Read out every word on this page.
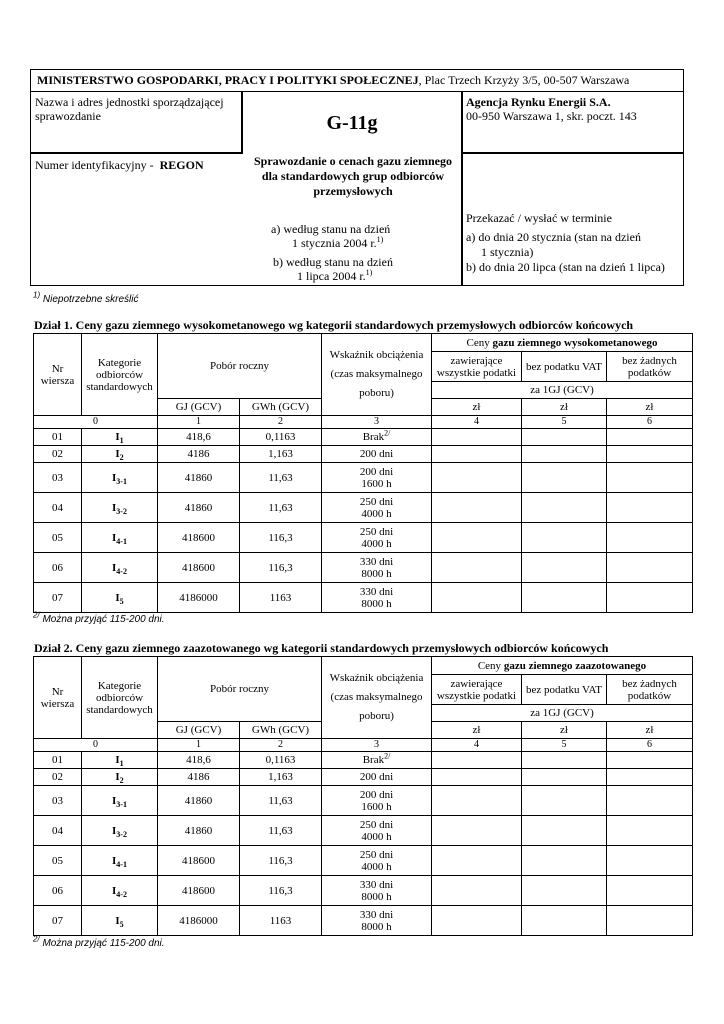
MINISTERSTWO GOSPODARKI, PRACY I POLITYKI SPOŁECZNEJ, Plac Trzech Krzyży 3/5, 00-507 Warszawa
Nazwa i adres jednostki sporządzającej sprawozdanie	G-11g
Agencja Rynku Energii S.A.
00-950 Warszawa 1, skr. poczt. 143
Numer identyfikacyjny - REGON	Sprawozdanie o cenach gazu ziemnego dla standardowych grup odbiorców przemysłowych
a) według stanu na dzień
1 stycznia 2004 r.$^{1)}$
b) według stanu na dzień
1 lipca 2004 r.$^{1)}$
Przekazać / wysłać w terminie

a) do dnia 20 stycznia (stan na dzień
1 stycznia)
b) do dnia 20 lipca (stan na dzień 1 lipca)
$^{1)}$ Niepotrzebne skreślić
Dział 1. Ceny gazu ziemnego wysokometanowego wg kategorii standardowych przemysłowych odbiorców końcowych
Nr wiersza	Kategorie odbiorców standardowych	Pobór roczny		Wskaźnik obciążenia (czas maksymalnego poboru)	Ceny gazu ziemnego wysokometanowego		
					zawierające wszystkie podatki	bez podatku VAT	bez żadnych podatków
					za 1GJ (GCV)		
		GJ (GCV)	GWh (GCV)		zł	zł	zł
0		1	2	3	4	5	6
01	$I_1$	418,6	0,1163	Brak$^{2/}$			
02	$I_2$	4186	1,163	200 dni			
03	$I_{3-1}$	41860	11,63	200 dni
1600 h			
04	$I_{3-2}$	41860	11,63	250 dni
4000 h			
05	$I_{4-1}$	418600	116,3	250 dni
4000 h			
06	$I_{4-2}$	418600	116,3	330 dni
8000 h			
07	$I_5$	4186000	1163	330 dni
8000 h			
$^{2/}$ Można przyjąć 115-200 dni.
Dział 2. Ceny gazu ziemnego zaazotowanego wg kategorii standardowych przemysłowych odbiorców końcowych
Nr wiersza	Kategorie odbiorców standardowych	Pobór roczny		Wskaźnik obciążenia (czas maksymalnego poboru)	Ceny gazu ziemnego zaazotowanego		
					zawierające wszystkie podatki	bez podatku VAT	bez żadnych podatków
					za 1GJ (GCV)		
		GJ (GCV)	GWh (GCV)		zł	zł	zł
0		1	2	3	4	5	6
01	$I_1$	418,6	0,1163	Brak$^{2/}$			
02	$I_2$	4186	1,163	200 dni			
03	$I_{3-1}$	41860	11,63	200 dni
1600 h			
04	$I_{3-2}$	41860	11,63	250 dni
4000 h			
05	$I_{4-1}$	418600	116,3	250 dni
4000 h			
06	$I_{4-2}$	418600	116,3	330 dni
8000 h			
07	$I_5$	4186000	1163	330 dni
8000 h			
$^{2/}$ Można przyjąć 115-200 dni.
